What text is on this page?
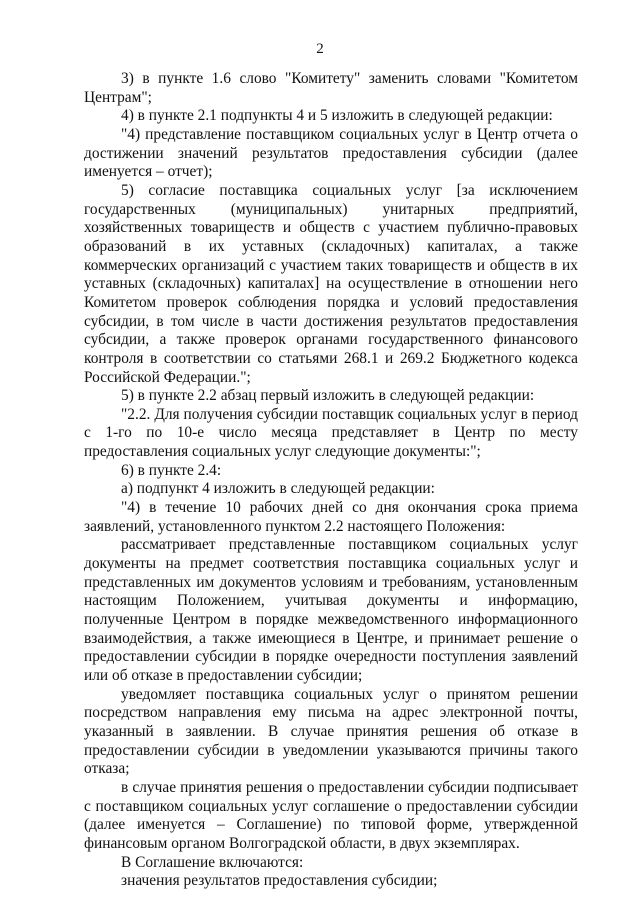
2

3) в пункте 1.6 слово "Комитету" заменить словами "Комитетом Центрам";

4) в пункте 2.1 подпункты 4 и 5 изложить в следующей редакции:

"4) представление поставщиком социальных услуг в Центр отчета о достижении значений результатов предоставления субсидии (далее именуется – отчет);

5) согласие поставщика социальных услуг [за исключением государственных (муниципальных) унитарных предприятий, хозяйственных товариществ и обществ с участием публично-правовых образований в их уставных (складочных) капиталах, а также коммерческих организаций с участием таких товариществ и обществ в их уставных (складочных) капиталах] на осуществление в отношении него Комитетом проверок соблюдения порядка и условий предоставления субсидии, в том числе в части достижения результатов предоставления субсидии, а также проверок органами государственного финансового контроля в соответствии со статьями 268.1 и 269.2 Бюджетного кодекса Российской Федерации.";

5) в пункте 2.2 абзац первый изложить в следующей редакции:

"2.2. Для получения субсидии поставщик социальных услуг в период с 1-го по 10-е число месяца представляет в Центр по месту предоставления социальных услуг следующие документы:";

6) в пункте 2.4:

а) подпункт 4 изложить в следующей редакции:

"4) в течение 10 рабочих дней со дня окончания срока приема заявлений, установленного пунктом 2.2 настоящего Положения:

рассматривает представленные поставщиком социальных услуг документы на предмет соответствия поставщика социальных услуг и представленных им документов условиям и требованиям, установленным настоящим Положением, учитывая документы и информацию, полученные Центром в порядке межведомственного информационного взаимодействия, а также имеющиеся в Центре, и принимает решение о предоставлении субсидии в порядке очередности поступления заявлений или об отказе в предоставлении субсидии;

уведомляет поставщика социальных услуг о принятом решении посредством направления ему письма на адрес электронной почты, указанный в заявлении. В случае принятия решения об отказе в предоставлении субсидии в уведомлении указываются причины такого отказа;

в случае принятия решения о предоставлении субсидии подписывает с поставщиком социальных услуг соглашение о предоставлении субсидии (далее именуется – Соглашение) по типовой форме, утвержденной финансовым органом Волгоградской области, в двух экземплярах.

В Соглашение включаются:

значения результатов предоставления субсидии;
